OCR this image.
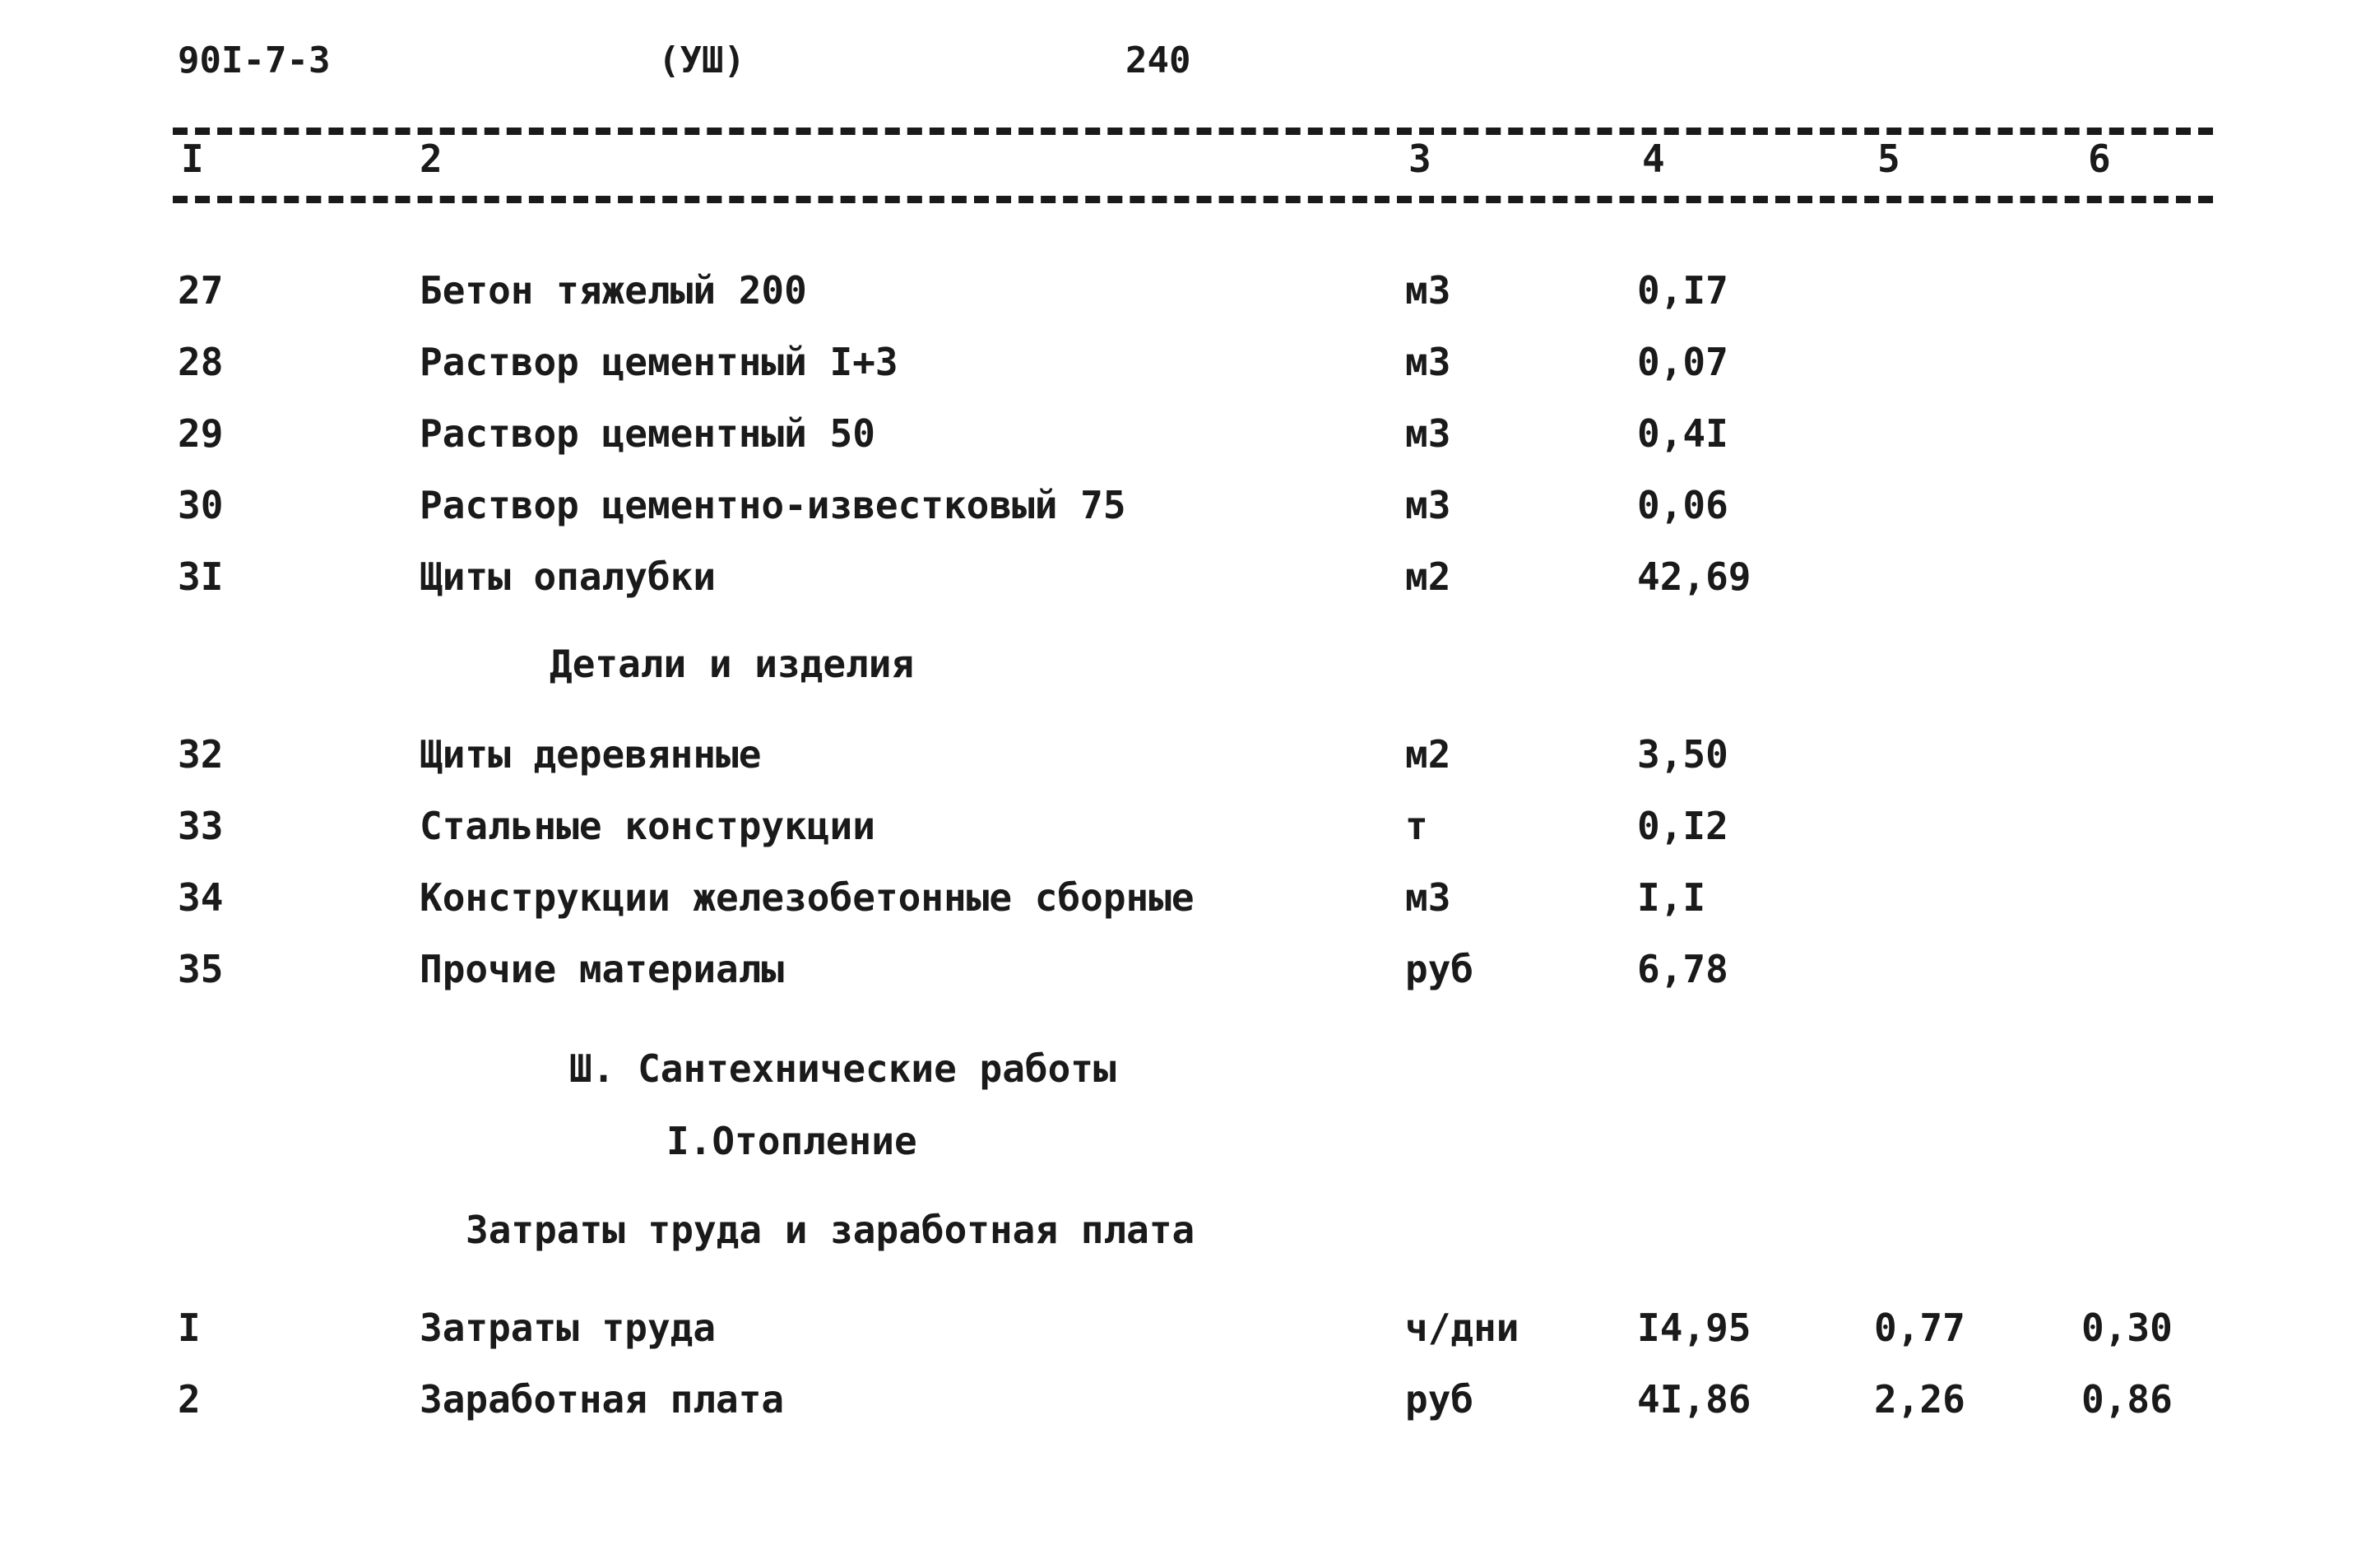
90I-7-3	(УШ)	240
I	2	3	4	5	6
27	Бетон тяжелый 200	м3	0,I7
28	Раствор цементный I+3	м3	0,07
29	Раствор цементный 50	м3	0,4I
30	Раствор цементно-известковый 75	м3	0,06
3I	Щиты опалубки	м2	42,69
Детали и изделия
32	Щиты деревянные	м2	3,50
33	Стальные конструкции	т	0,I2
34	Конструкции железобетонные сборные	м3	I,I
35	Прочие материалы	руб	6,78
Ш. Сантехнические работы
I.Отопление
Затраты труда и заработная плата
I	Затраты труда	ч/дни	I4,95	0,77	0,30
2	Заработная плата	руб	4I,86	2,26	0,86
